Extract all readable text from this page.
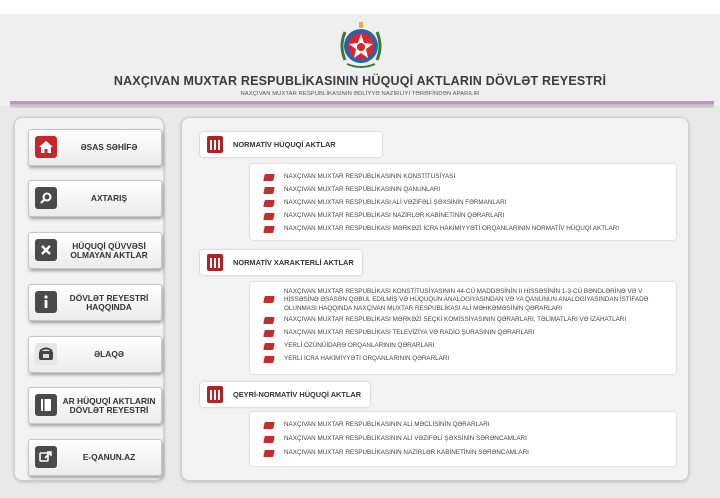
NAXÇIVAN MUXTAR RESPUBLİKASININ HÜQUQİ AKTLARIN DÖVLƏT REYESTRİ
NAXÇIVAN MUXTAR RESPUBLİKASININ ƏDLİYYƏ NAZİRLİYİ TƏRƏFİNDƏN APARILIR
ƏSAS SƏHİFƏ
AXTARIŞ
HÜQUQİ QÜVVƏSİ OLMAYAN AKTLAR
DÖVLƏT REYESTRİ HAQQINDA
ƏLAQƏ
AR HÜQUQİ AKTLARIN DÖVLƏT REYESTRİ
E-QANUN.AZ
NORMATİV HÜQUQİ AKTLAR
NAXÇIVAN MUXTAR RESPUBLİKASININ KONSTİTUSİYASI
NAXÇIVAN MUXTAR RESPUBLİKASININ QANUNLARI
NAXÇIVAN MUXTAR RESPUBLİKASI ALİ VƏZİFƏLİ ŞƏXSİNİN FƏRMANLARI
NAXÇIVAN MUXTAR RESPUBLİKASI NAZİRLƏR KABİNETİNİN QƏRARLARI
NAXÇIVAN MUXTAR RESPUBLİKASI MƏRKƏZİ İCRA HAKİMİYYƏTİ ORQANLARININ NORMATİV HÜQUQİ AKTLARI
NORMATİV XARAKTERLİ AKTLAR
NAXÇIVAN MUXTAR RESPUBLİKASI KONSTİTUSİYASININ 44-CÜ MADDƏSİNİN II HİSSƏSİNİN 1-3-CÜ BƏNDLƏRİNƏ VƏ V HİSSƏSİNƏ ƏSASƏN QƏBUL EDİLMİŞ VƏ HÜQUQUN ANALOGİYASINDAN VƏ YA QANUNUN ANALOGİYASINDAN İSTİFADƏ OLUNMASI HAQQINDA NAXÇIVAN MUXTAR RESPUBLİKASI ALİ MƏHKƏMƏSİNİN QƏRARLARI
NAXÇIVAN MUXTAR RESPUBLİKASI MƏRKƏZİ SEÇKİ KOMİSSİYASININ QƏRARLARI, TƏLİMATLARI VƏ İZAHATLARI
NAXÇIVAN MUXTAR RESPUBLİKASI TELEVİZİYA VƏ RADİO ŞURASININ QƏRARLARI
YERLİ ÖZÜNÜİDARƏ ORQANLARININ QƏRARLARI
YERLİ İCRA HAKİMİYYƏTİ ORQANLARININ QƏRARLARI
QEYRİ-NORMATİV HÜQUQİ AKTLAR
NAXÇIVAN MUXTAR RESPUBLİKASININ ALİ MƏCLİSİNİN QƏRARLARI
NAXÇIVAN MUXTAR RESPUBLİKASININ ALİ VƏZİFƏLİ ŞƏXSİNİN SƏRƏNCAMLARI
NAXÇIVAN MUXTAR RESPUBLİKASININ NAZİRLƏR KABİNETİNİN SƏRƏNCAMLARI
